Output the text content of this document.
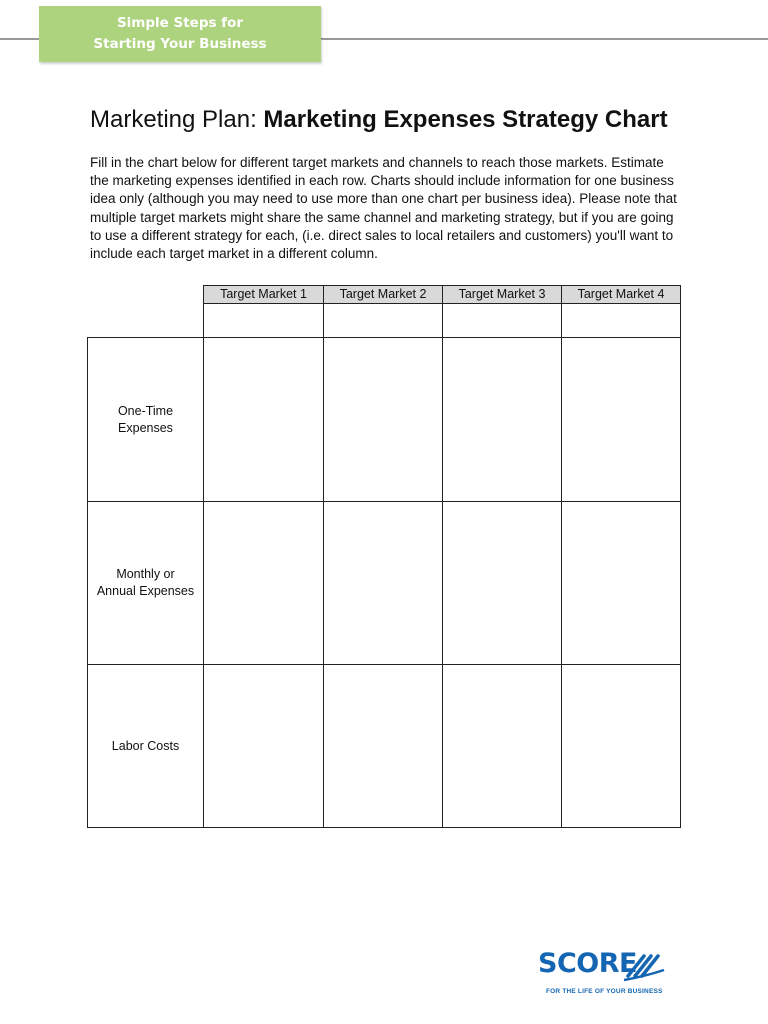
Simple Steps for
Starting Your Business
Marketing Plan: Marketing Expenses Strategy Chart

Fill in the chart below for different target markets and channels to reach those markets. Estimate the marketing expenses identified in each row. Charts should include information for one business idea only (although you may need to use more than one chart per business idea). Please note that multiple target markets might share the same channel and marketing strategy, but if you are going to use a different strategy for each, (i.e. direct sales to local retailers and customers) you'll want to include each target market in a different column.

Target Market 1	Target Market 2	Target Market 3	Target Market 4
One-Time
Expenses
Monthly or
Annual Expenses
Labor Costs
SCORE
FOR THE LIFE OF YOUR BUSINESS
